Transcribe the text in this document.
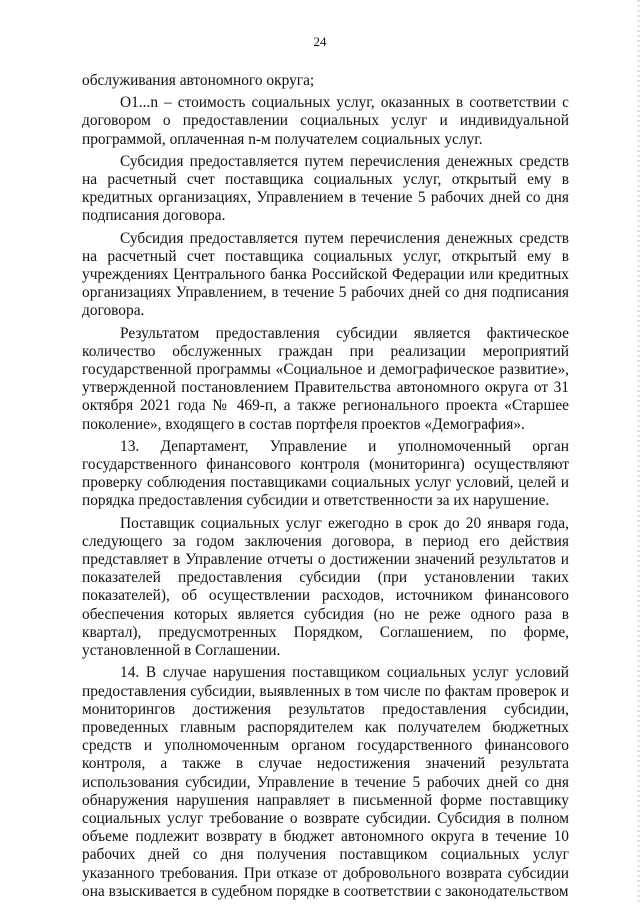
24

обслуживания автономного округа;

O1...n – стоимость социальных услуг, оказанных в соответствии с договором о предоставлении социальных услуг и индивидуальной программой, оплаченная n-м получателем социальных услуг.

Субсидия предоставляется путем перечисления денежных средств на расчетный счет поставщика социальных услуг, открытый ему в кредитных организациях, Управлением в течение 5 рабочих дней со дня подписания договора.

Субсидия предоставляется путем перечисления денежных средств на расчетный счет поставщика социальных услуг, открытый ему в учреждениях Центрального банка Российской Федерации или кредитных организациях Управлением, в течение 5 рабочих дней со дня подписания договора.

Результатом предоставления субсидии является фактическое количество обслуженных граждан при реализации мероприятий государственной программы «Социальное и демографическое развитие», утвержденной постановлением Правительства автономного округа от 31 октября 2021 года № 469-п, а также регионального проекта «Старшее поколение», входящего в состав портфеля проектов «Демография».

13. Департамент, Управление и уполномоченный орган государственного финансового контроля (мониторинга) осуществляют проверку соблюдения поставщиками социальных услуг условий, целей и порядка предоставления субсидии и ответственности за их нарушение.

Поставщик социальных услуг ежегодно в срок до 20 января года, следующего за годом заключения договора, в период его действия представляет в Управление отчеты о достижении значений результатов и показателей предоставления субсидии (при установлении таких показателей), об осуществлении расходов, источником финансового обеспечения которых является субсидия (но не реже одного раза в квартал), предусмотренных Порядком, Соглашением, по форме, установленной в Соглашении.

14. В случае нарушения поставщиком социальных услуг условий предоставления субсидии, выявленных в том числе по фактам проверок и мониторингов достижения результатов предоставления субсидии, проведенных главным распорядителем как получателем бюджетных средств и уполномоченным органом государственного финансового контроля, а также в случае недостижения значений результата использования субсидии, Управление в течение 5 рабочих дней со дня обнаружения нарушения направляет в письменной форме поставщику социальных услуг требование о возврате субсидии. Субсидия в полном объеме подлежит возврату в бюджет автономного округа в течение 10 рабочих дней со дня получения поставщиком социальных услуг указанного требования. При отказе от добровольного возврата субсидии она взыскивается в судебном порядке в соответствии с законодательством
